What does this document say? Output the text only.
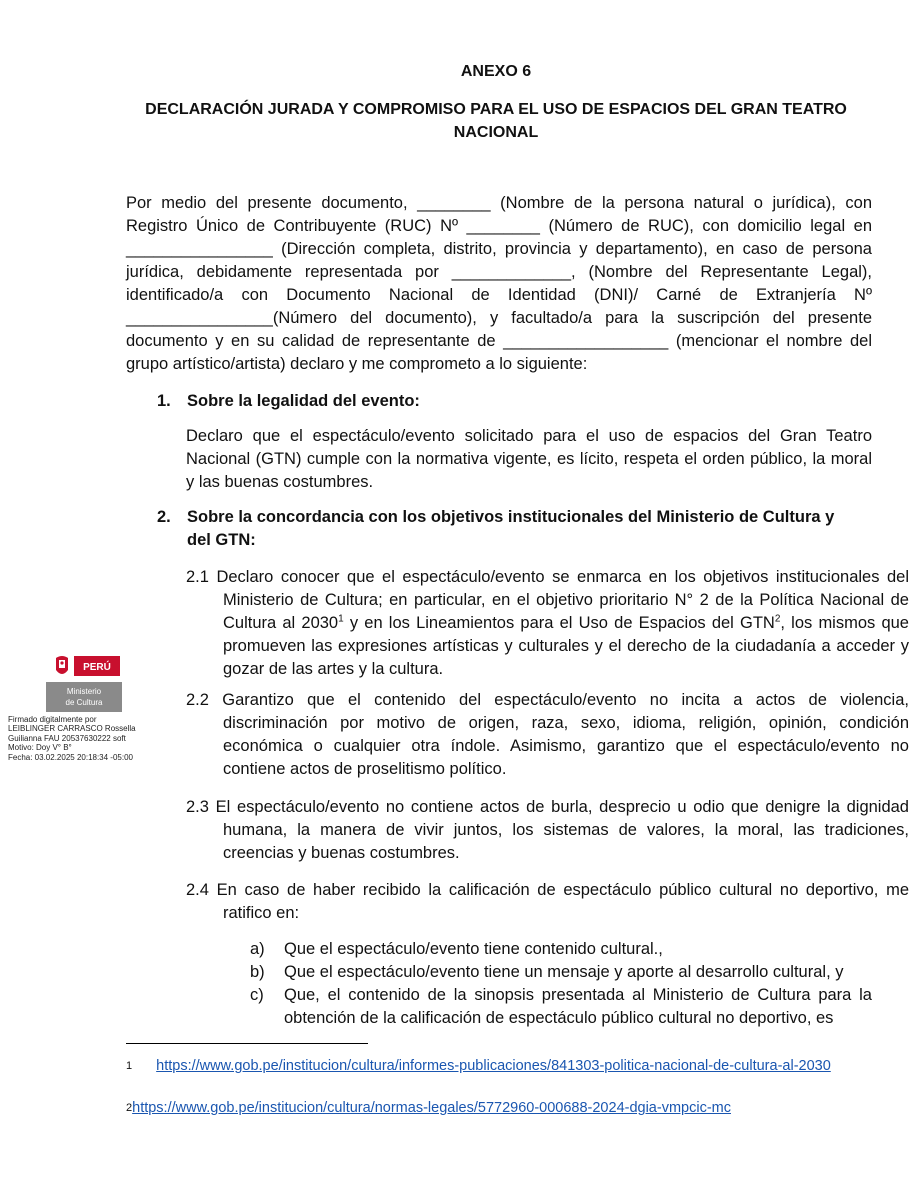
ANEXO 6
DECLARACIÓN JURADA Y COMPROMISO PARA EL USO DE ESPACIOS DEL GRAN TEATRO
NACIONAL

Por medio del presente documento, ________ (Nombre de la persona natural o jurídica), con Registro Único de Contribuyente (RUC) Nº ________ (Número de RUC), con domicilio legal en ________________ (Dirección completa, distrito, provincia y departamento), en caso de persona jurídica, debidamente representada por _____________, (Nombre del Representante Legal), identificado/a con Documento Nacional de Identidad (DNI)/ Carné de Extranjería Nº ________________(Número del documento), y facultado/a para la suscripción del presente documento y en su calidad de representante de __________________ (mencionar el nombre del grupo artístico/artista) declaro y me comprometo a lo siguiente:

1. Sobre la legalidad del evento:

Declaro que el espectáculo/evento solicitado para el uso de espacios del Gran Teatro Nacional (GTN) cumple con la normativa vigente, es lícito, respeta el orden público, la moral y las buenas costumbres.

2. Sobre la concordancia con los objetivos institucionales del Ministerio de Cultura y del GTN:
2.1 Declaro conocer que el espectáculo/evento se enmarca en los objetivos institucionales del Ministerio de Cultura; en particular, en el objetivo prioritario N° 2 de la Política Nacional de Cultura al 2030$^1$ y en los Lineamientos para el Uso de Espacios del GTN$^2$, los mismos que promueven las expresiones artísticas y culturales y el derecho de la ciudadanía a acceder y gozar de las artes y la cultura.
2.2 Garantizo que el contenido del espectáculo/evento no incita a actos de violencia, discriminación por motivo de origen, raza, sexo, idioma, religión, opinión, condición económica o cualquier otra índole. Asimismo, garantizo que el espectáculo/evento no contiene actos de proselitismo político.
2.3 El espectáculo/evento no contiene actos de burla, desprecio u odio que denigre la dignidad humana, la manera de vivir juntos, los sistemas de valores, la moral, las tradiciones, creencias y buenas costumbres.
2.4 En caso de haber recibido la calificación de espectáculo público cultural no deportivo, me ratifico en:
a) Que el espectáculo/evento tiene contenido cultural.,
b) Que el espectáculo/evento tiene un mensaje y aporte al desarrollo cultural, y
c) Que, el contenido de la sinopsis presentada al Ministerio de Cultura para la obtención de la calificación de espectáculo público cultural no deportivo, es
$^1$ https://www.gob.pe/institucion/cultura/informes-publicaciones/841303-politica-nacional-de-cultura-al-2030
$^2$https://www.gob.pe/institucion/cultura/normas-legales/5772960-000688-2024-dgia-vmpcic-mc
PERÚ
Ministerio
de Cultura
Firmado digitalmente por
LEIBLINGER CARRASCO Rossella
Guilianna FAU 20537630222 soft
Motivo: Doy V° B°
Fecha: 03.02.2025 20:18:34 -05:00
